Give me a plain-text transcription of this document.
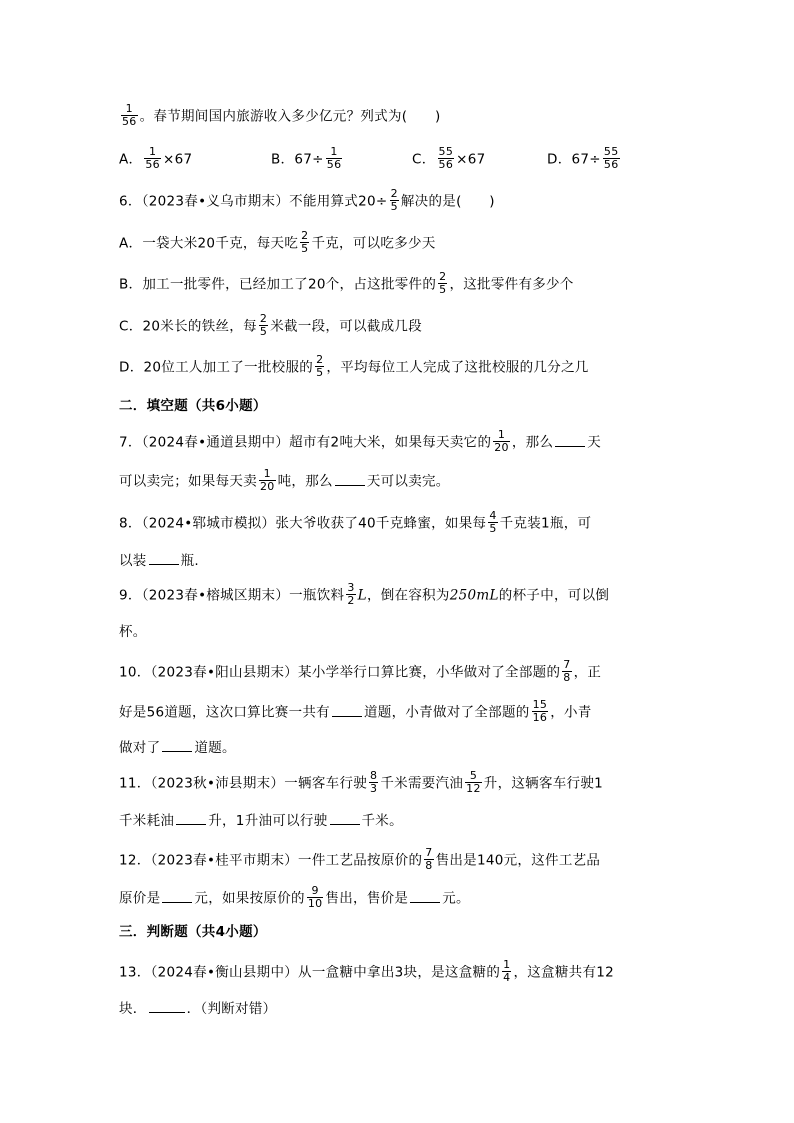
$\frac{1}{56}$ 。春节期间国内旅游收入多少亿元？列式为(　　)
A． $\frac{1}{56} \times 67$	B．$67\div \frac{1}{56}$	C． $\frac{55}{56} \times 67$	D．$67\div \frac{55}{56}$
6．（2023春•义乌市期末）不能用算式$20\div \frac{2}{5}$ 解决的是(　　)
A．一袋大米20千克，每天吃 $\frac{2}{5}$ 千克，可以吃多少天
B．加工一批零件，已经加工了20个，占这批零件的 $\frac{2}{5}$ ，这批零件有多少个
C．20米长的铁丝，每 $\frac{2}{5}$ 米截一段，可以截成几段
D．20位工人加工了一批校服的 $\frac{2}{5}$ ，平均每位工人完成了这批校服的几分之几
二．填空题（共6小题）
7．（2024春•通道县期中）超市有2吨大米，如果每天卖它的 $\frac{1}{20}$ ，那么	天
可以卖完；如果每天卖 $\frac{1}{20}$ 吨，那么	天可以卖完。
8．（2024•郓城市模拟）张大爷收获了40千克蜂蜜，如果每 $\frac{4}{5}$ 千克装1瓶，可
以装	瓶.
9．（2023春•榕城区期末）一瓶饮料 $\frac{3}{2}$ L，倒在容积为250mL的杯子中，可以倒
杯。
10．（2023春•阳山县期末）某小学举行口算比赛，小华做对了全部题的 $\frac{7}{8}$ ，正
好是56道题，这次口算比赛一共有	道题，小青做对了全部题的 $\frac{15}{16}$ ，小青
做对了	道题。
11．（2023秋•沛县期末）一辆客车行驶 $\frac{8}{3}$ 千米需要汽油 $\frac{5}{12}$ 升，这辆客车行驶1
千米耗油	升，1升油可以行驶	千米。
12．（2023春•桂平市期末）一件工艺品按原价的 $\frac{7}{8}$ 售出是140元，这件工艺品
原价是	元，如果按原价的 $\frac{9}{10}$ 售出，售价是	元。
三．判断题（共4小题）
13．（2024春•衡山县期中）从一盒糖中拿出3块，是这盒糖的 $\frac{1}{4}$ ，这盒糖共有12
块．	．（判断对错）
